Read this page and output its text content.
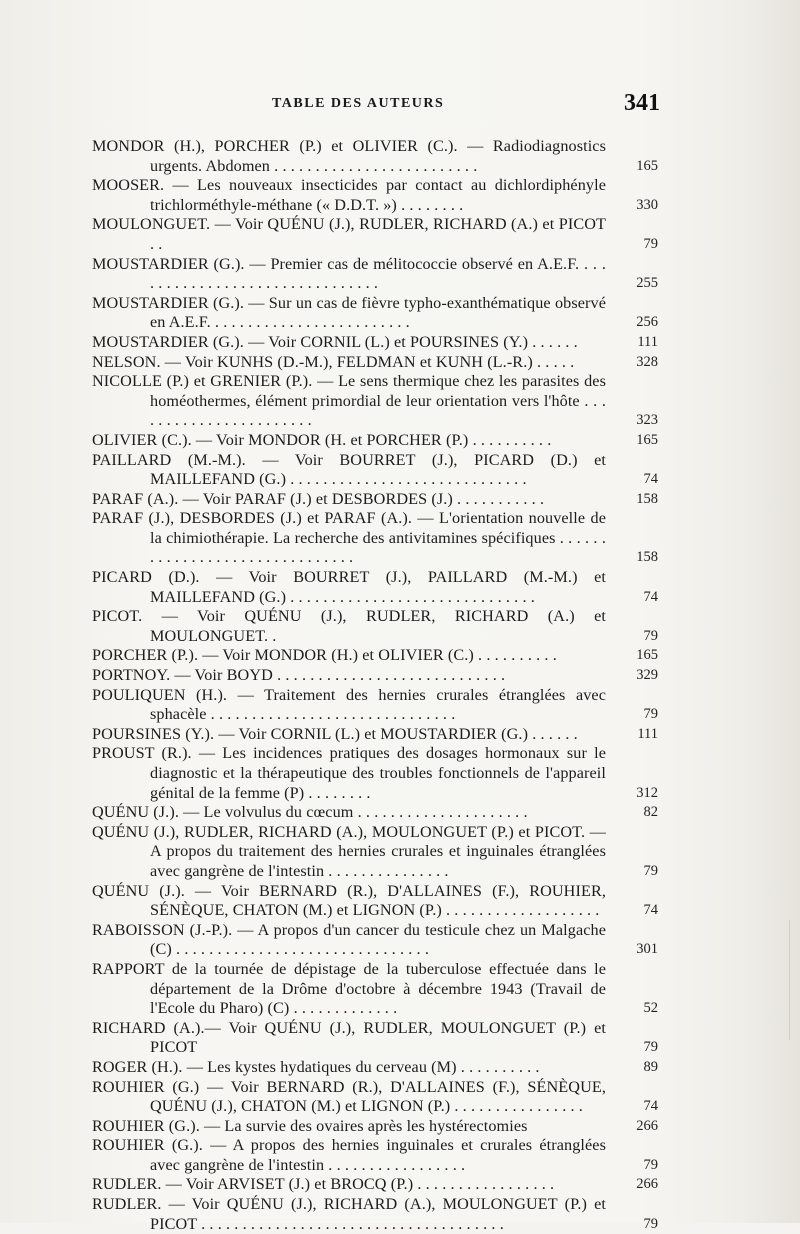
TABLE DES AUTEURS	341

MONDOR (H.), PORCHER (P.) et OLIVIER (C.). — Radiodiagnostics urgents. Abdomen . . . . . . . . . . . . . . . . . . . . . . . . .	165

MOOSER. — Les nouveaux insecticides par contact au dichlordiphényle trichlorméthyle-méthane (« D.D.T. ») . . . . . . . .	330

MOULONGUET. — Voir QUÉNU (J.), RUDLER, RICHARD (A.) et PICOT . .	79

MOUSTARDIER (G.). — Premier cas de mélitococcie observé en A.E.F. . . . . . . . . . . . . . . . . . . . . . . . . . . . . . . .	255

MOUSTARDIER (G.). — Sur un cas de fièvre typho-exanthématique observé en A.E.F. . . . . . . . . . . . . . . . . . . . . . . . .	256

MOUSTARDIER (G.). — Voir CORNIL (L.) et POURSINES (Y.) . . . . . .	111

NELSON. — Voir KUNHS (D.-M.), FELDMAN et KUNH (L.-R.) . . . . .	328

NICOLLE (P.) et GRENIER (P.). — Le sens thermique chez les parasites des homéothermes, élément primordial de leur orientation vers l'hôte . . . . . . . . . . . . . . . . . . . . . . .	323

OLIVIER (C.). — Voir MONDOR (H. et PORCHER (P.) . . . . . . . . . .	165

PAILLARD (M.-M.). — Voir BOURRET (J.), PICARD (D.) et MAILLEFAND (G.) . . . . . . . . . . . . . . . . . . . . . . . . . . . . .	74

PARAF (A.). — Voir PARAF (J.) et DESBORDES (J.) . . . . . . . . . . .	158

PARAF (J.), DESBORDES (J.) et PARAF (A.). — L'orientation nouvelle de la chimiothérapie. La recherche des antivitamines spécifiques . . . . . . . . . . . . . . . . . . . . . . . . . . . . . . .	158

PICARD (D.). — Voir BOURRET (J.), PAILLARD (M.-M.) et MAILLEFAND (G.) . . . . . . . . . . . . . . . . . . . . . . . . . . . . . .	74

PICOT. — Voir QUÉNU (J.), RUDLER, RICHARD (A.) et MOULONGUET. .	79

PORCHER (P.). — Voir MONDOR (H.) et OLIVIER (C.) . . . . . . . . . .	165

PORTNOY. — Voir BOYD . . . . . . . . . . . . . . . . . . . . . . . . . . . .	329

POULIQUEN (H.). — Traitement des hernies crurales étranglées avec sphacèle . . . . . . . . . . . . . . . . . . . . . . . . . . . . . .	79

POURSINES (Y.). — Voir CORNIL (L.) et MOUSTARDIER (G.) . . . . . .	111

PROUST (R.). — Les incidences pratiques des dosages hormonaux sur le diagnostic et la thérapeutique des troubles fonctionnels de l'appareil génital de la femme (P) . . . . . . . .	312

QUÉNU (J.). — Le volvulus du cœcum . . . . . . . . . . . . . . . . . . . . .	82

QUÉNU (J.), RUDLER, RICHARD (A.), MOULONGUET (P.) et PICOT. — A propos du traitement des hernies crurales et inguinales étranglées avec gangrène de l'intestin . . . . . . . . . . . . . . .	79

QUÉNU (J.). — Voir BERNARD (R.), D'ALLAINES (F.), ROUHIER, SÉNÈQUE, CHATON (M.) et LIGNON (P.) . . . . . . . . . . . . . . . . . . .	74

RABOISSON (J.-P.). — A propos d'un cancer du testicule chez un Malgache (C) . . . . . . . . . . . . . . . . . . . . . . . . . . . . . . .	301

RAPPORT de la tournée de dépistage de la tuberculose effectuée dans le département de la Drôme d'octobre à décembre 1943 (Travail de l'Ecole du Pharo) (C) . . . . . . . . . . . . .	52

RICHARD (A.).— Voir QUÉNU (J.), RUDLER, MOULONGUET (P.) et PICOT	79

ROGER (H.). — Les kystes hydatiques du cerveau (M) . . . . . . . . . .	89

ROUHIER (G.) — Voir BERNARD (R.), D'ALLAINES (F.), SÉNÈQUE, QUÉNU (J.), CHATON (M.) et LIGNON (P.) . . . . . . . . . . . . . . . .	74

ROUHIER (G.). — La survie des ovaires après les hystérectomies	266

ROUHIER (G.). — A propos des hernies inguinales et crurales étranglées avec gangrène de l'intestin . . . . . . . . . . . . . . . . .	79

RUDLER. — Voir ARVISET (J.) et BROCQ (P.) . . . . . . . . . . . . . . . . .	266

RUDLER. — Voir QUÉNU (J.), RICHARD (A.), MOULONGUET (P.) et PICOT . . . . . . . . . . . . . . . . . . . . . . . . . . . . . . . . . . . . .	79
